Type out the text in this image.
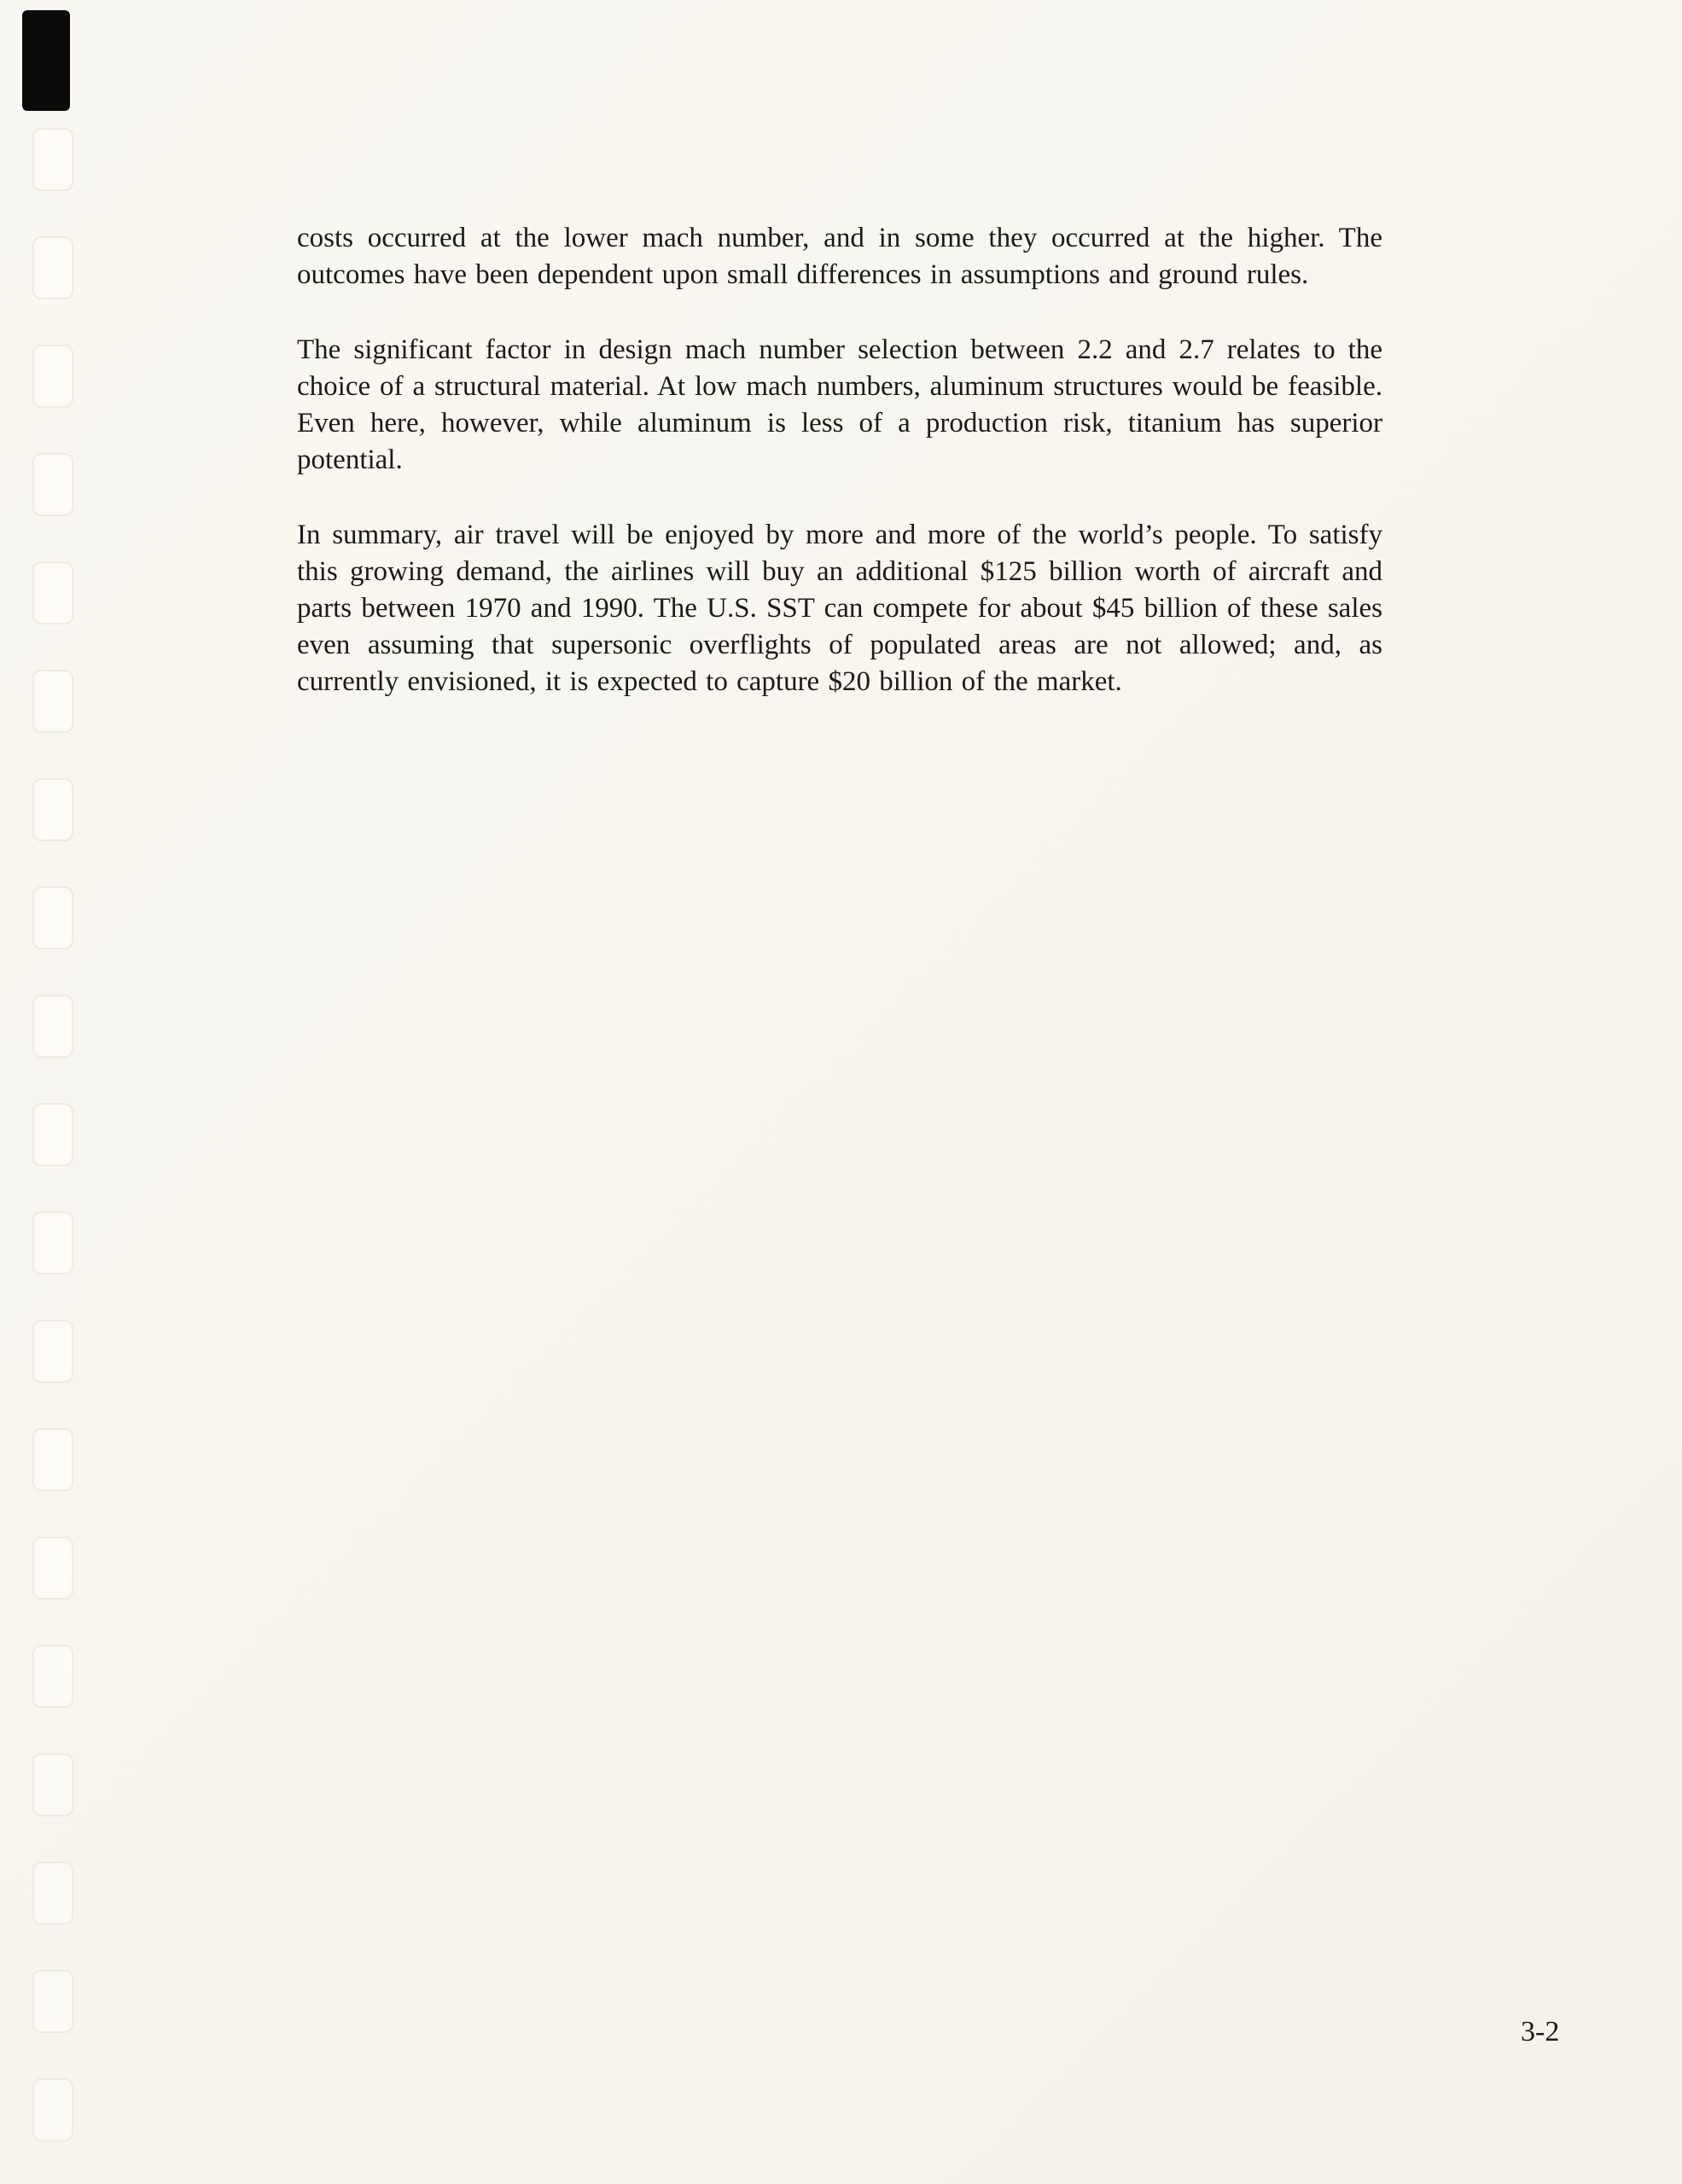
costs occurred at the lower mach number, and in some they occurred at the higher. The outcomes have been dependent upon small differences in assumptions and ground rules.

The significant factor in design mach number selection between 2.2 and 2.7 relates to the choice of a structural material. At low mach numbers, aluminum structures would be feasible. Even here, however, while aluminum is less of a production risk, titanium has superior potential.

In summary, air travel will be enjoyed by more and more of the world’s people. To satisfy this growing demand, the airlines will buy an additional $125 billion worth of aircraft and parts between 1970 and 1990. The U.S. SST can compete for about $45 billion of these sales even assuming that supersonic overflights of populated areas are not allowed; and, as currently envisioned, it is expected to capture $20 billion of the market.

3-2
